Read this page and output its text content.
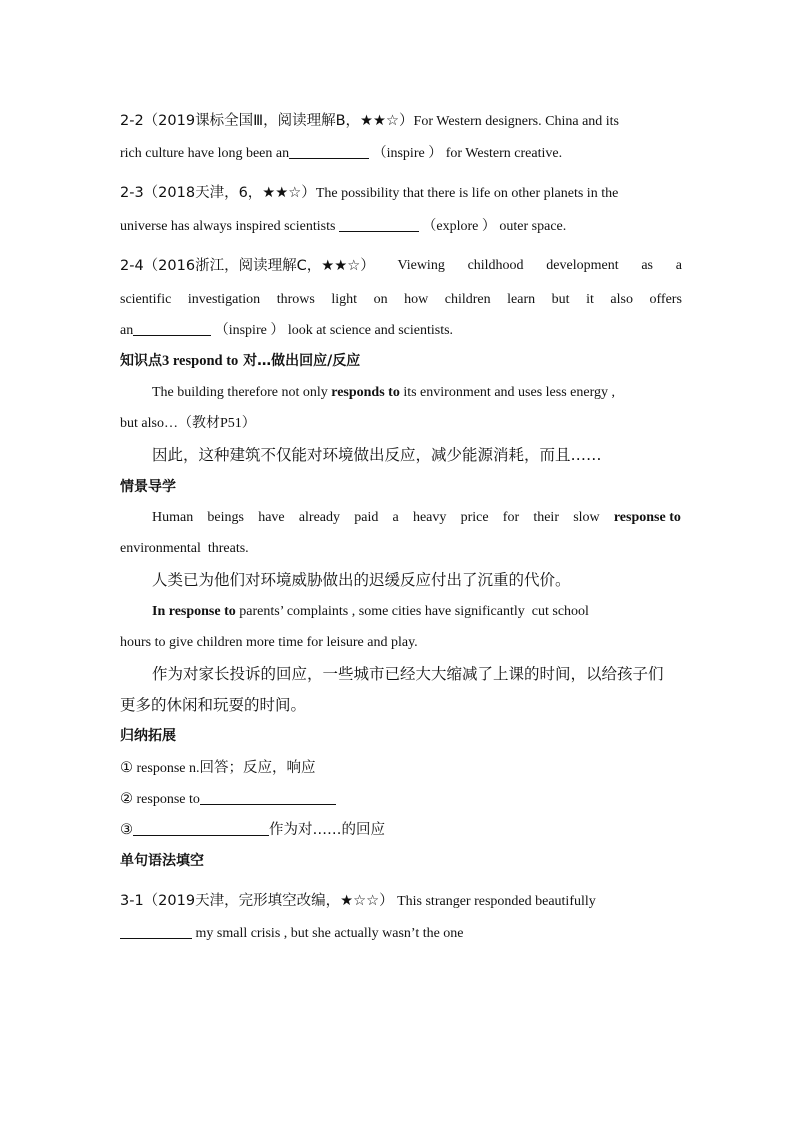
2-2（2019课标全国Ⅲ，阅读理解B，★★☆）For Western designers. China and its
rich culture have long been an	（inspire ） for Western creative.
2-3（2018天津，6，★★☆）The possibility that there is life on other planets in the
universe has always inspired scientists	（explore ） outer space.
2-4（2016浙江，阅读理解C，★★☆） Viewing childhood development as a
scientific investigation throws light on how children learn but it also offers
an	（inspire ） look at science and scientists.
知识点3 respond to 对…做出回应/反应
The building therefore not only responds to its environment and uses less energy ,
but also…（教材P51）
因此，这种建筑不仅能对环境做出反应，减少能源消耗，而且……
情景导学
Human beings have already paid a heavy price for their slow response to
environmental  threats.
人类已为他们对环境威胁做出的迟缓反应付出了沉重的代价。
In response to parents’ complaints , some cities have significantly  cut school
hours to give children more time for leisure and play.
作为对家长投诉的回应，一些城市已经大大缩减了上课的时间，以给孩子们
更多的休闲和玩耍的时间。
归纳拓展
① response n.回答；反应，响应
② response to
③	作为对……的回应
单句语法填空
3-1（2019天津，完形填空改编，★☆☆） This stranger responded beautifully
my small crisis , but she actually wasn’t the one
